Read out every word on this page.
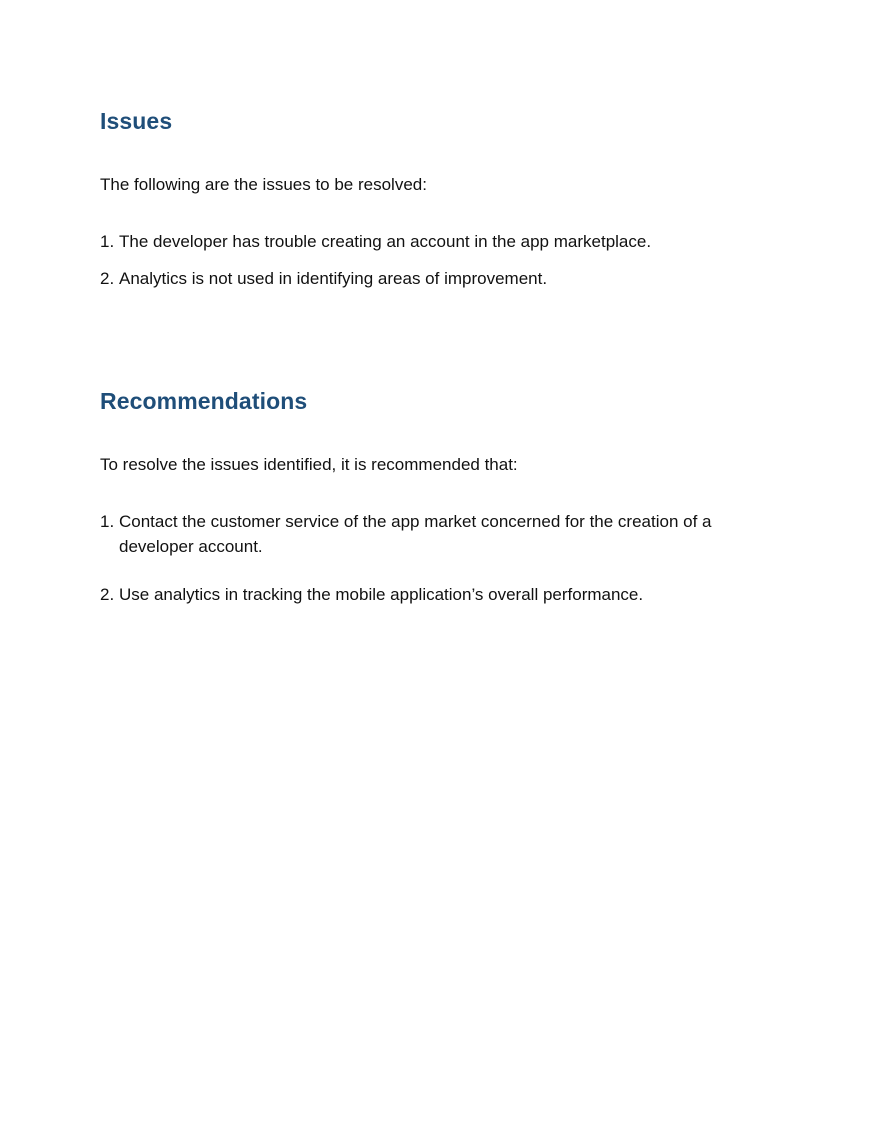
Issues

The following are the issues to be resolved:

1. The developer has trouble creating an account in the app marketplace.
2. Analytics is not used in identifying areas of improvement.
Recommendations

To resolve the issues identified, it is recommended that:

1. Contact the customer service of the app market concerned for the creation of a developer account.
2. Use analytics in tracking the mobile application’s overall performance.
